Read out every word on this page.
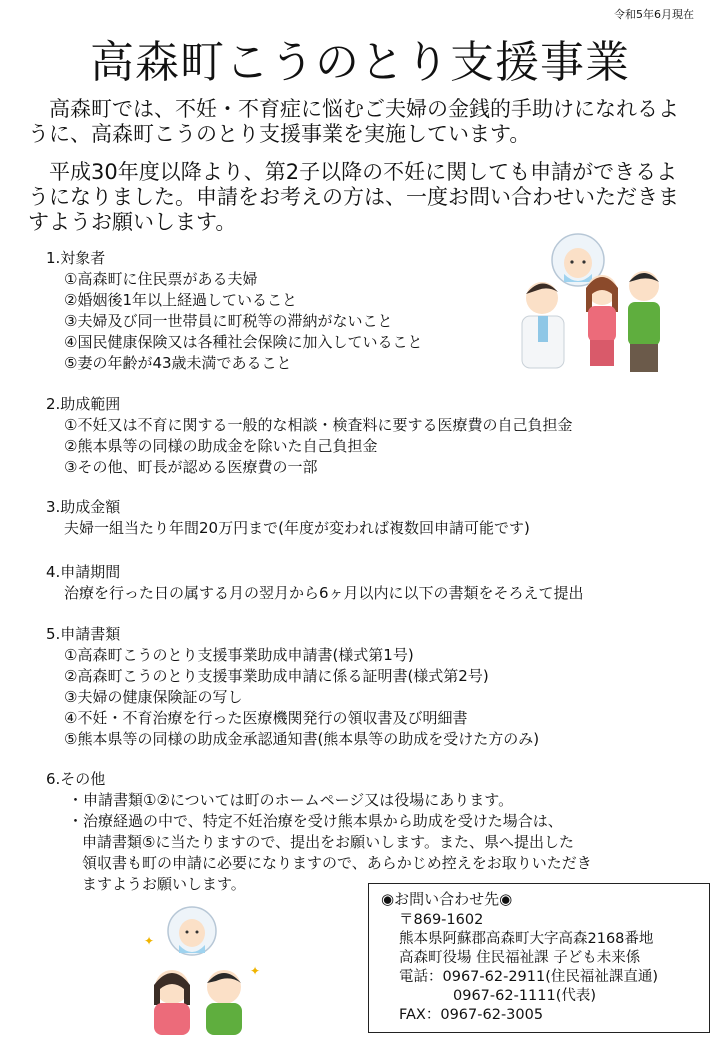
令和5年6月現在
高森町こうのとり支援事業

　高森町では、不妊・不育症に悩むご夫婦の金銭的手助けになれるように、高森町こうのとり支援事業を実施しています。

　平成30年度以降より、第2子以降の不妊に関しても申請ができるようになりました。申請をお考えの方は、一度お問い合わせいただきますようお願いします。

1.対象者

①高森町に住民票がある夫婦

②婚姻後1年以上経過していること

③夫婦及び同一世帯員に町税等の滞納がないこと

④国民健康保険又は各種社会保険に加入していること

⑤妻の年齢が43歳未満であること

2.助成範囲

①不妊又は不育に関する一般的な相談・検査料に要する医療費の自己負担金

②熊本県等の同様の助成金を除いた自己負担金

③その他、町長が認める医療費の一部

3.助成金額

夫婦一組当たり年間20万円まで(年度が変われば複数回申請可能です)

4.申請期間

治療を行った日の属する月の翌月から6ヶ月以内に以下の書類をそろえて提出

5.申請書類

①高森町こうのとり支援事業助成申請書(様式第1号)

②高森町こうのとり支援事業助成申請に係る証明書(様式第2号)

③夫婦の健康保険証の写し

④不妊・不育治療を行った医療機関発行の領収書及び明細書

⑤熊本県等の同様の助成金承認通知書(熊本県等の助成を受けた方のみ)

6.その他

・申請書類①②については町のホームページ又は役場にあります。

・治療経過の中で、特定不妊治療を受け熊本県から助成を受けた場合は、

申請書類⑤に当たりますので、提出をお願いします。また、県へ提出した

領収書も町の申請に必要になりますので、あらかじめ控えをお取りいただき

ますようお願いします。

◉お問い合わせ先◉

〒869-1602

熊本県阿蘇郡高森町大字高森2168番地

高森町役場 住民福祉課 子ども未来係

電話：0967-62-2911(住民福祉課直通)

0967-62-1111(代表)

FAX：0967-62-3005

✦
✦
